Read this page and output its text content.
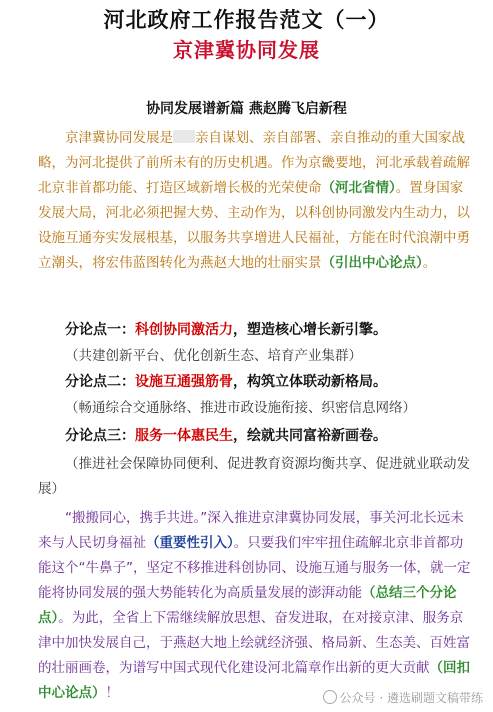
河北政府工作报告范文（一）
京津冀协同发展
协同发展谱新篇 燕赵腾飞启新程
京津冀协同发展是 亲自谋划、亲自部署、亲自推动的重大国家战略，为河北提供了前所未有的历史机遇。作为京畿要地，河北承载着疏解北京非首都功能、打造区域新增长极的光荣使命（河北省情）。置身国家发展大局，河北必须把握大势、主动作为，以科创协同激发内生动力，以设施互通夯实发展根基，以服务共享增进人民福祉，方能在时代浪潮中勇立潮头，将宏伟蓝图转化为燕赵大地的壮丽实景（引出中心论点）。
分论点一：科创协同激活力，塑造核心增长新引擎。
（共建创新平台、优化创新生态、培育产业集群）
分论点二：设施互通强筋骨，构筑立体联动新格局。
（畅通综合交通脉络、推进市政设施衔接、织密信息网络）
分论点三：服务一体惠民生，绘就共同富裕新画卷。
（推进社会保障协同便利、促进教育资源均衡共享、促进就业联动发展）
“搬搬同心，携手共进。”深入推进京津冀协同发展，事关河北长远未来与人民切身福祉（重要性引入）。只要我们牢牢扭住疏解北京非首都功能这个“牛鼻子”，坚定不移推进科创协同、设施互通与服务一体，就一定能将协同发展的强大势能转化为高质量发展的澎湃动能（总结三个分论点）。为此，全省上下需继续解放思想、奋发进取，在对接京津、服务京津中加快发展自己，于燕赵大地上绘就经济强、格局新、生态美、百姓富的壮丽画卷，为谱写中国式现代化建设河北篇章作出新的更大贡献（回扣中心论点）！	公众号 · 遴选刷题文稿带练
